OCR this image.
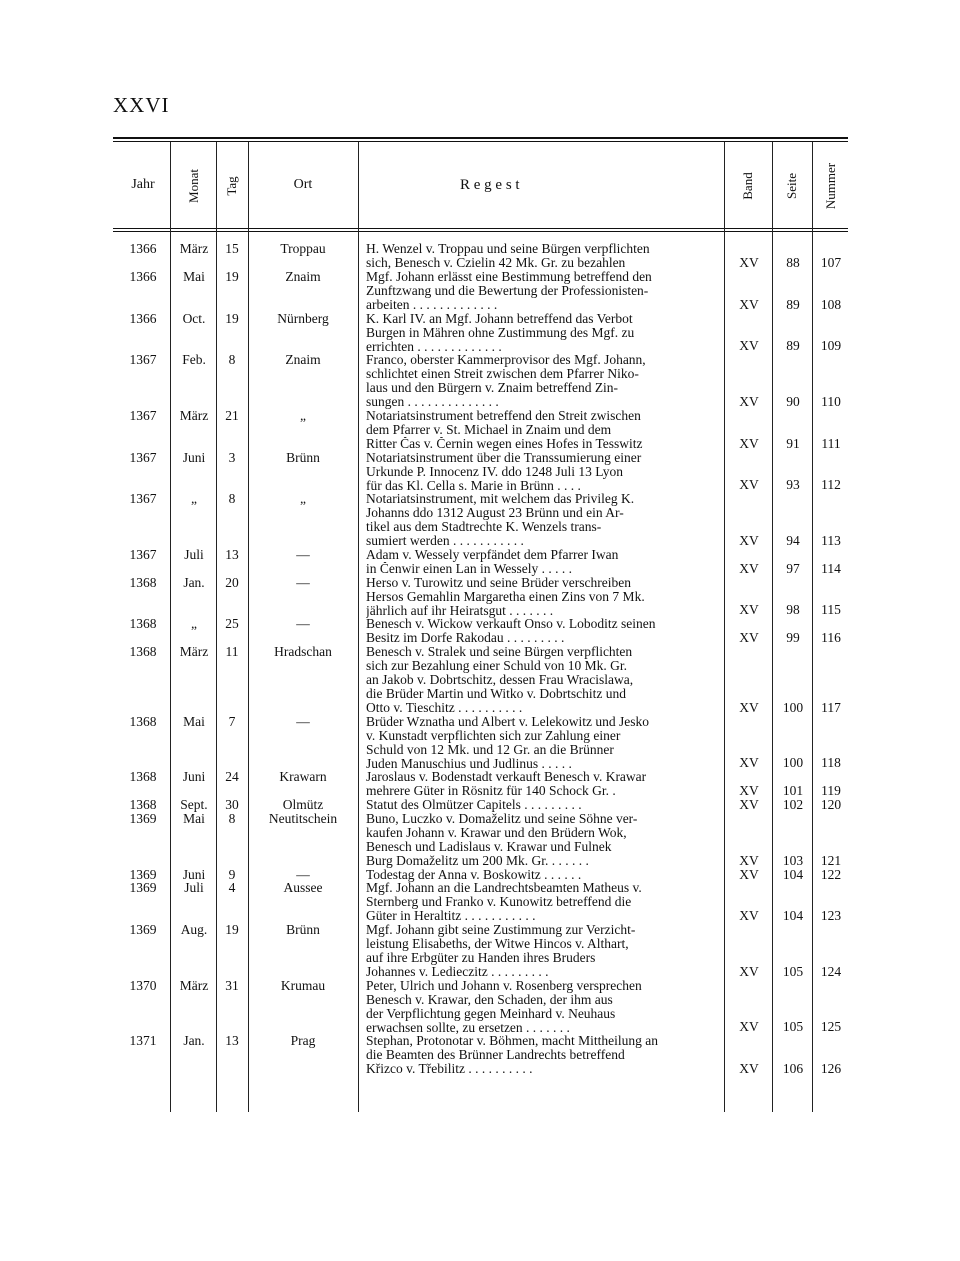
XXVI
Jahr	Monat Tag	Ort	R e g e s t	Band Seite Nummer
1366	März	15	Troppau	H. Wenzel v. Troppau und seine Bürgen verpflichten
sich, Benesch v. Czielin 42 Mk. Gr. zu bezahlen	XV	88	107
1366	Mai	19	Znaim	Mgf. Johann erlässt eine Bestimmung betreffend den
Zunftzwang und die Bewertung der Professionisten-
arbeiten . . . . . . . . . . . . .	XV	89	108
1366	Oct.	19	Nürnberg	K. Karl IV. an Mgf. Johann betreffend das Verbot
Burgen in Mähren ohne Zustimmung des Mgf. zu
errichten . . . . . . . . . . . . .	XV	89	109
1367	Feb.	8	Znaim	Franco, oberster Kammerprovisor des Mgf. Johann,
schlichtet einen Streit zwischen dem Pfarrer Niko-
laus und den Bürgern v. Znaim betreffend Zin-
sungen . . . . . . . . . . . . . .	XV	90	110
1367	März	21	„	Notariatsinstrument betreffend den Streit zwischen
dem Pfarrer v. St. Michael in Znaim und dem
Ritter Čas v. Černin wegen eines Hofes in Tesswitz	XV	91	111
1367	Juni	3	Brünn	Notariatsinstrument über die Transsumierung einer
Urkunde P. Innocenz IV. ddo 1248 Juli 13 Lyon
für das Kl. Cella s. Marie in Brünn . . . .	XV	93	112
1367	„	8	„	Notariatsinstrument, mit welchem das Privileg K.
Johanns ddo 1312 August 23 Brünn und ein Ar-
tikel aus dem Stadtrechte K. Wenzels trans-
sumiert werden . . . . . . . . . . .	XV	94	113
1367	Juli	13	—	Adam v. Wessely verpfändet dem Pfarrer Iwan
in Čenwir einen Lan in Wessely . . . . .	XV	97	114
1368	Jan.	20	—	Herso v. Turowitz und seine Brüder verschreiben
Hersos Gemahlin Margaretha einen Zins von 7 Mk.
jährlich auf ihr Heiratsgut . . . . . . .	XV	98	115
1368	„	25	—	Benesch v. Wickow verkauft Onso v. Loboditz seinen
Besitz im Dorfe Rakodau . . . . . . . . .	XV	99	116
1368	März	11	Hradschan	Benesch v. Stralek und seine Bürgen verpflichten
sich zur Bezahlung einer Schuld von 10 Mk. Gr.
an Jakob v. Dobrtschitz, dessen Frau Wracislawa,
die Brüder Martin und Witko v. Dobrtschitz und
Otto v. Tieschitz . . . . . . . . . .	XV	100	117
1368	Mai	7	—	Brüder Wznatha und Albert v. Lelekowitz und Jesko
v. Kunstadt verpflichten sich zur Zahlung einer
Schuld von 12 Mk. und 12 Gr. an die Brünner
Juden Manuschius und Judlinus . . . . .	XV	100	118
1368	Juni	24	Krawarn	Jaroslaus v. Bodenstadt verkauft Benesch v. Krawar
mehrere Güter in Rösnitz für 140 Schock Gr. .	XV	101	119
1368	Sept.	30	Olmütz	Statut des Olmützer Capitels . . . . . . . . .	XV	102	120
1369	Mai	8	Neutitschein	Buno, Luczko v. Domaželitz und seine Söhne ver-
kaufen Johann v. Krawar und den Brüdern Wok,
Benesch und Ladislaus v. Krawar und Fulnek
Burg Domaželitz um 200 Mk. Gr. . . . . . .	XV	103	121
1369	Juni	9	—	Todestag der Anna v. Boskowitz . . . . . .	XV	104	122
1369	Juli	4	Aussee	Mgf. Johann an die Landrechtsbeamten Matheus v.
Sternberg und Franko v. Kunowitz betreffend die
Güter in Heraltitz . . . . . . . . . . .	XV	104	123
1369	Aug.	19	Brünn	Mgf. Johann gibt seine Zustimmung zur Verzicht-
leistung Elisabeths, der Witwe Hincos v. Althart,
auf ihre Erbgüter zu Handen ihres Bruders
Johannes v. Ledieczitz . . . . . . . . .	XV	105	124
1370	März	31	Krumau	Peter, Ulrich und Johann v. Rosenberg versprechen
Benesch v. Krawar, den Schaden, der ihm aus
der Verpflichtung gegen Meinhard v. Neuhaus
erwachsen sollte, zu ersetzen . . . . . . .	XV	105	125
1371	Jan.	13	Prag	Stephan, Protonotar v. Böhmen, macht Mittheilung an
die Beamten des Brünner Landrechts betreffend
Křizco v. Třebilitz . . . . . . . . . .	XV	106	126
